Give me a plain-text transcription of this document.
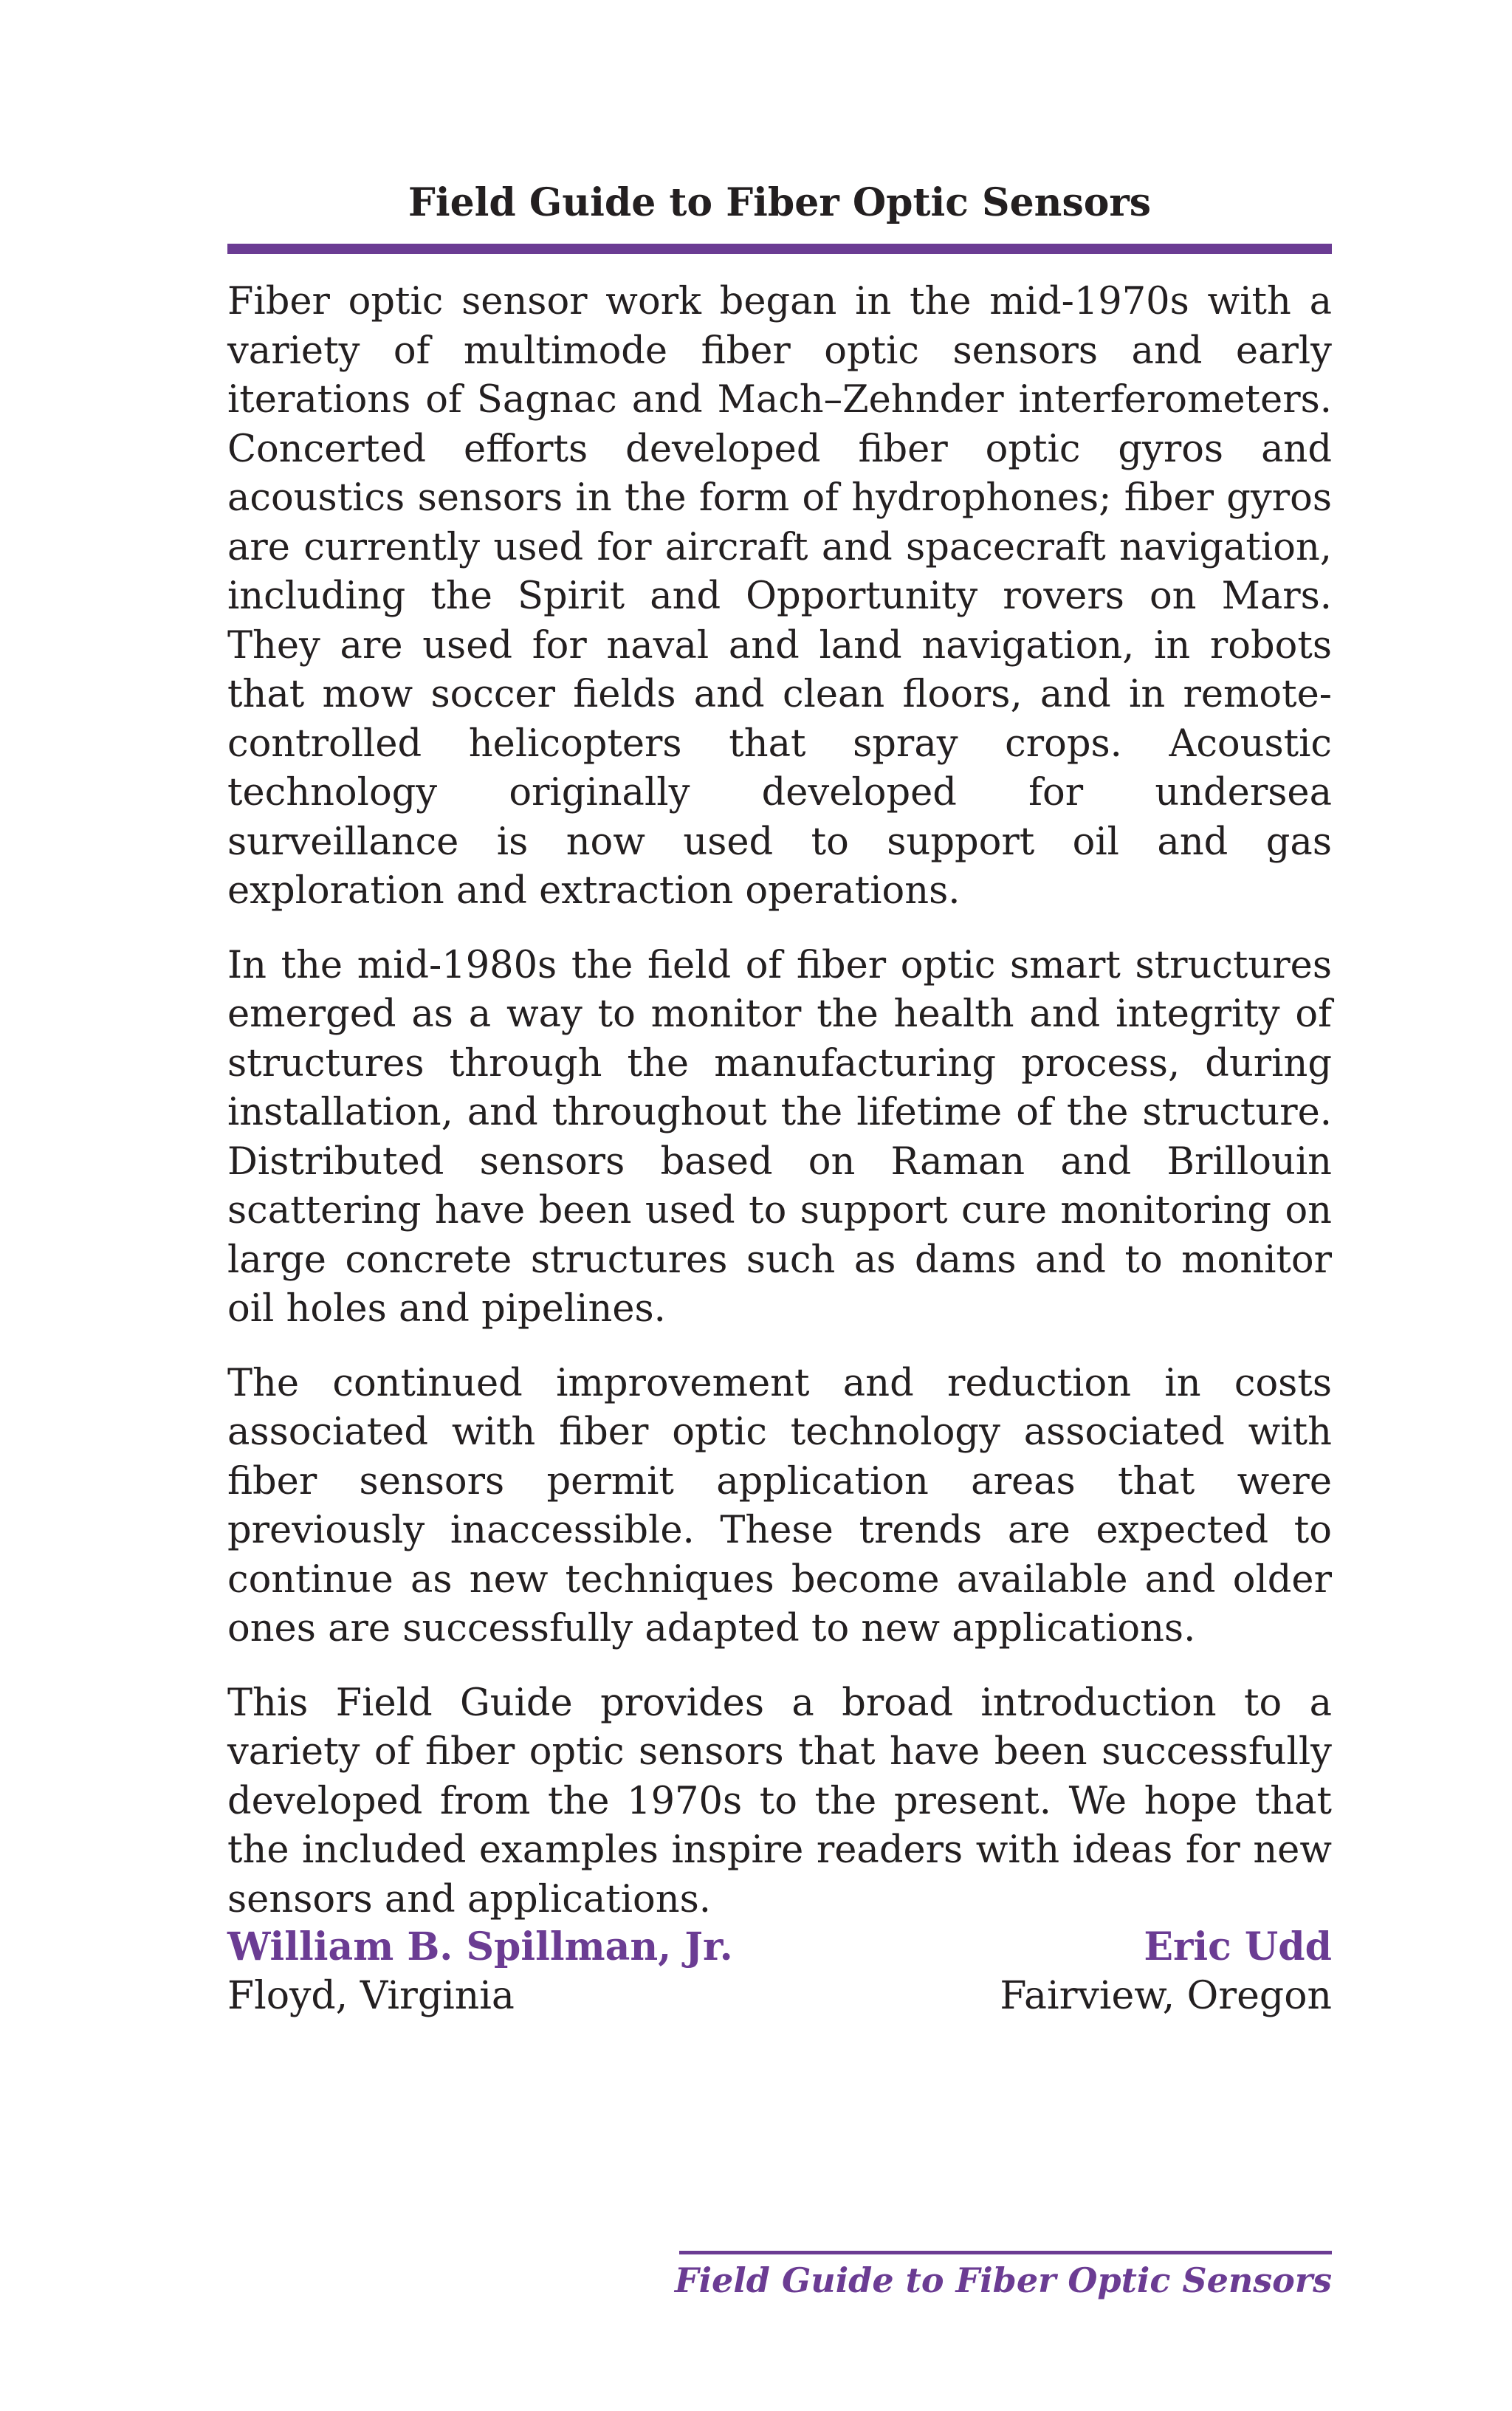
Field Guide to Fiber Optic Sensors

Fiber optic sensor work began in the mid-1970s with a variety of multimode fiber optic sensors and early iterations of Sagnac and Mach–Zehnder interferometers. Concerted efforts developed fiber optic gyros and acoustics sensors in the form of hydrophones; fiber gyros are currently used for aircraft and spacecraft navigation, including the Spirit and Opportunity rovers on Mars. They are used for naval and land navigation, in robots that mow soccer fields and clean floors, and in remote-controlled helicopters that spray crops. Acoustic technology originally developed for undersea surveillance is now used to support oil and gas exploration and extraction operations.

In the mid-1980s the field of fiber optic smart structures emerged as a way to monitor the health and integrity of structures through the manufacturing process, during installation, and throughout the lifetime of the structure. Distributed sensors based on Raman and Brillouin scattering have been used to support cure monitoring on large concrete structures such as dams and to monitor oil holes and pipelines.

The continued improvement and reduction in costs associated with fiber optic technology associated with fiber sensors permit application areas that were previously inaccessible. These trends are expected to continue as new techniques become available and older ones are successfully adapted to new applications.

This Field Guide provides a broad introduction to a variety of fiber optic sensors that have been successfully developed from the 1970s to the present. We hope that the included examples inspire readers with ideas for new sensors and applications.

William B. Spillman, Jr.
Floyd, Virginia
Eric Udd
Fairview, Oregon
Field Guide to Fiber Optic Sensors
